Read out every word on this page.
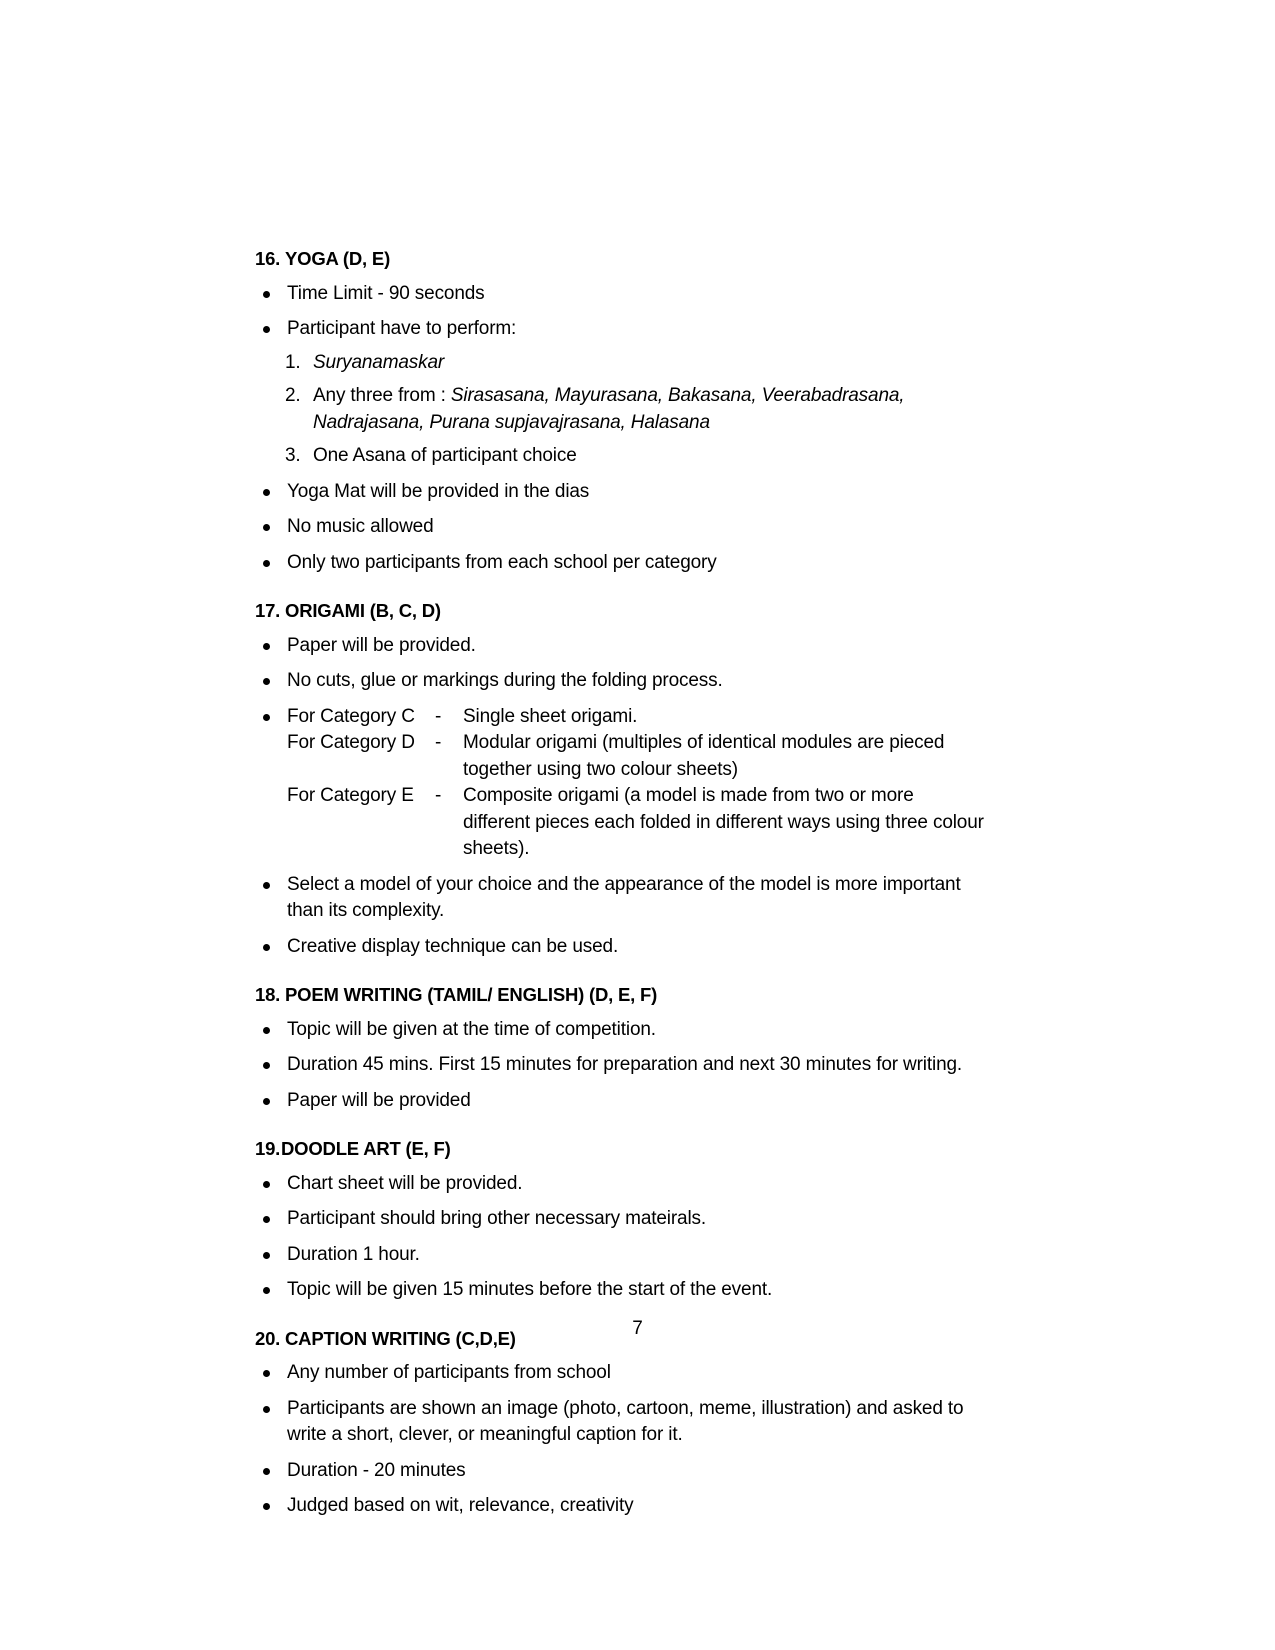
16. YOGA (D, E)
Time Limit - 90 seconds
Participant have to perform:
1. Suryanamaskar
2. Any three from : Sirasasana, Mayurasana, Bakasana, Veerabadrasana,
Nadrajasana, Purana supjavajrasana, Halasana
3. One Asana of participant choice
Yoga Mat will be provided in the dias
No music allowed
Only two participants from each school per category
17. ORIGAMI (B, C, D)
Paper will be provided.
No cuts, glue or markings during the folding process.
For Category C	-	Single sheet origami.
For Category D	-	Modular origami (multiples of identical modules are pieced together using two colour sheets)
For Category E	-	Composite origami (a model is made from two or more different pieces each folded in different ways using three colour sheets).
Select a model of your choice and the appearance of the model is more important than its complexity.
Creative display technique can be used.
18. POEM WRITING (TAMIL/ ENGLISH) (D, E, F)
Topic will be given at the time of competition.
Duration 45 mins. First 15 minutes for preparation and next 30 minutes for writing.
Paper will be provided
19.DOODLE ART (E, F)
Chart sheet will be provided.
Participant should bring other necessary mateirals.
Duration 1 hour.
Topic will be given 15 minutes before the start of the event.
20. CAPTION WRITING (C,D,E)
Any number of participants from school
Participants are shown an image (photo, cartoon, meme, illustration) and asked to write a short, clever, or meaningful caption for it.
Duration - 20 minutes
Judged based on wit, relevance, creativity
7
